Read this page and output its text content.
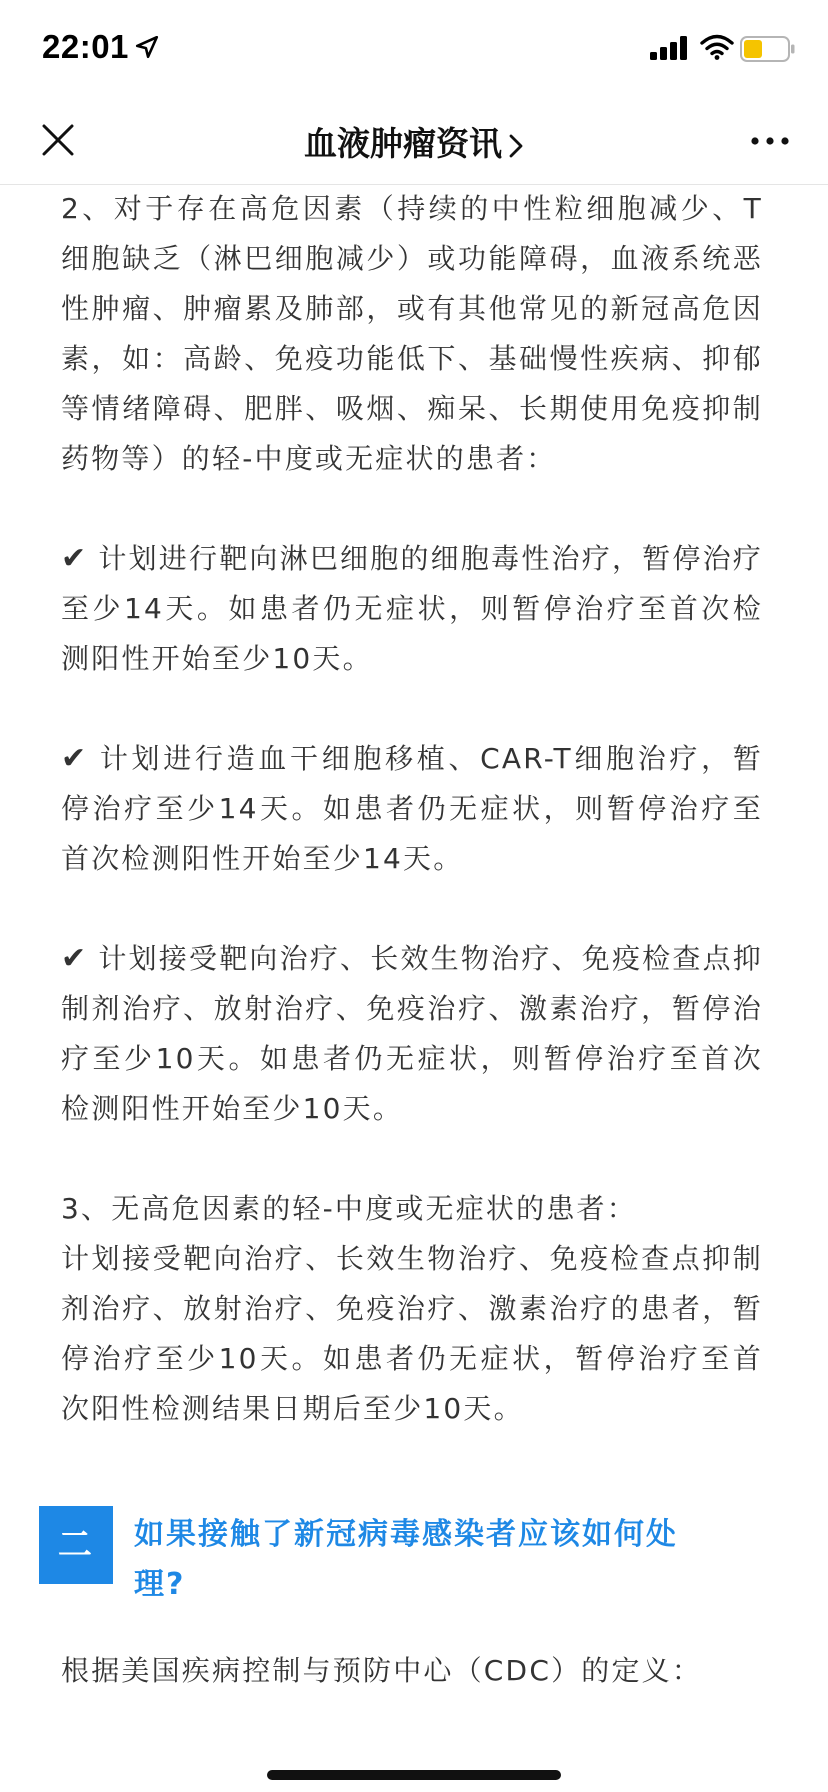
22:01
血液肿瘤资讯

2、对于存在高危因素（持续的中性粒细胞减少、T细胞缺乏（淋巴细胞减少）或功能障碍，血液系统恶性肿瘤、肿瘤累及肺部，或有其他常见的新冠高危因素，如：高龄、免疫功能低下、基础慢性疾病、抑郁等情绪障碍、肥胖、吸烟、痴呆、长期使用免疫抑制药物等）的轻-中度或无症状的患者：

✔ 计划进行靶向淋巴细胞的细胞毒性治疗，暂停治疗至少14天。如患者仍无症状，则暂停治疗至首次检测阳性开始至少10天。

✔ 计划进行造血干细胞移植、CAR-T细胞治疗，暂停治疗至少14天。如患者仍无症状，则暂停治疗至首次检测阳性开始至少14天。

✔ 计划接受靶向治疗、长效生物治疗、免疫检查点抑制剂治疗、放射治疗、免疫治疗、激素治疗，暂停治疗至少10天。如患者仍无症状，则暂停治疗至首次检测阳性开始至少10天。

3、无高危因素的轻-中度或无症状的患者：

计划接受靶向治疗、长效生物治疗、免疫检查点抑制剂治疗、放射治疗、免疫治疗、激素治疗的患者，暂停治疗至少10天。如患者仍无症状，暂停治疗至首次阳性检测结果日期后至少10天。

二	如果接触了新冠病毒感染者应该如何处理?

根据美国疾病控制与预防中心（CDC）的定义：
